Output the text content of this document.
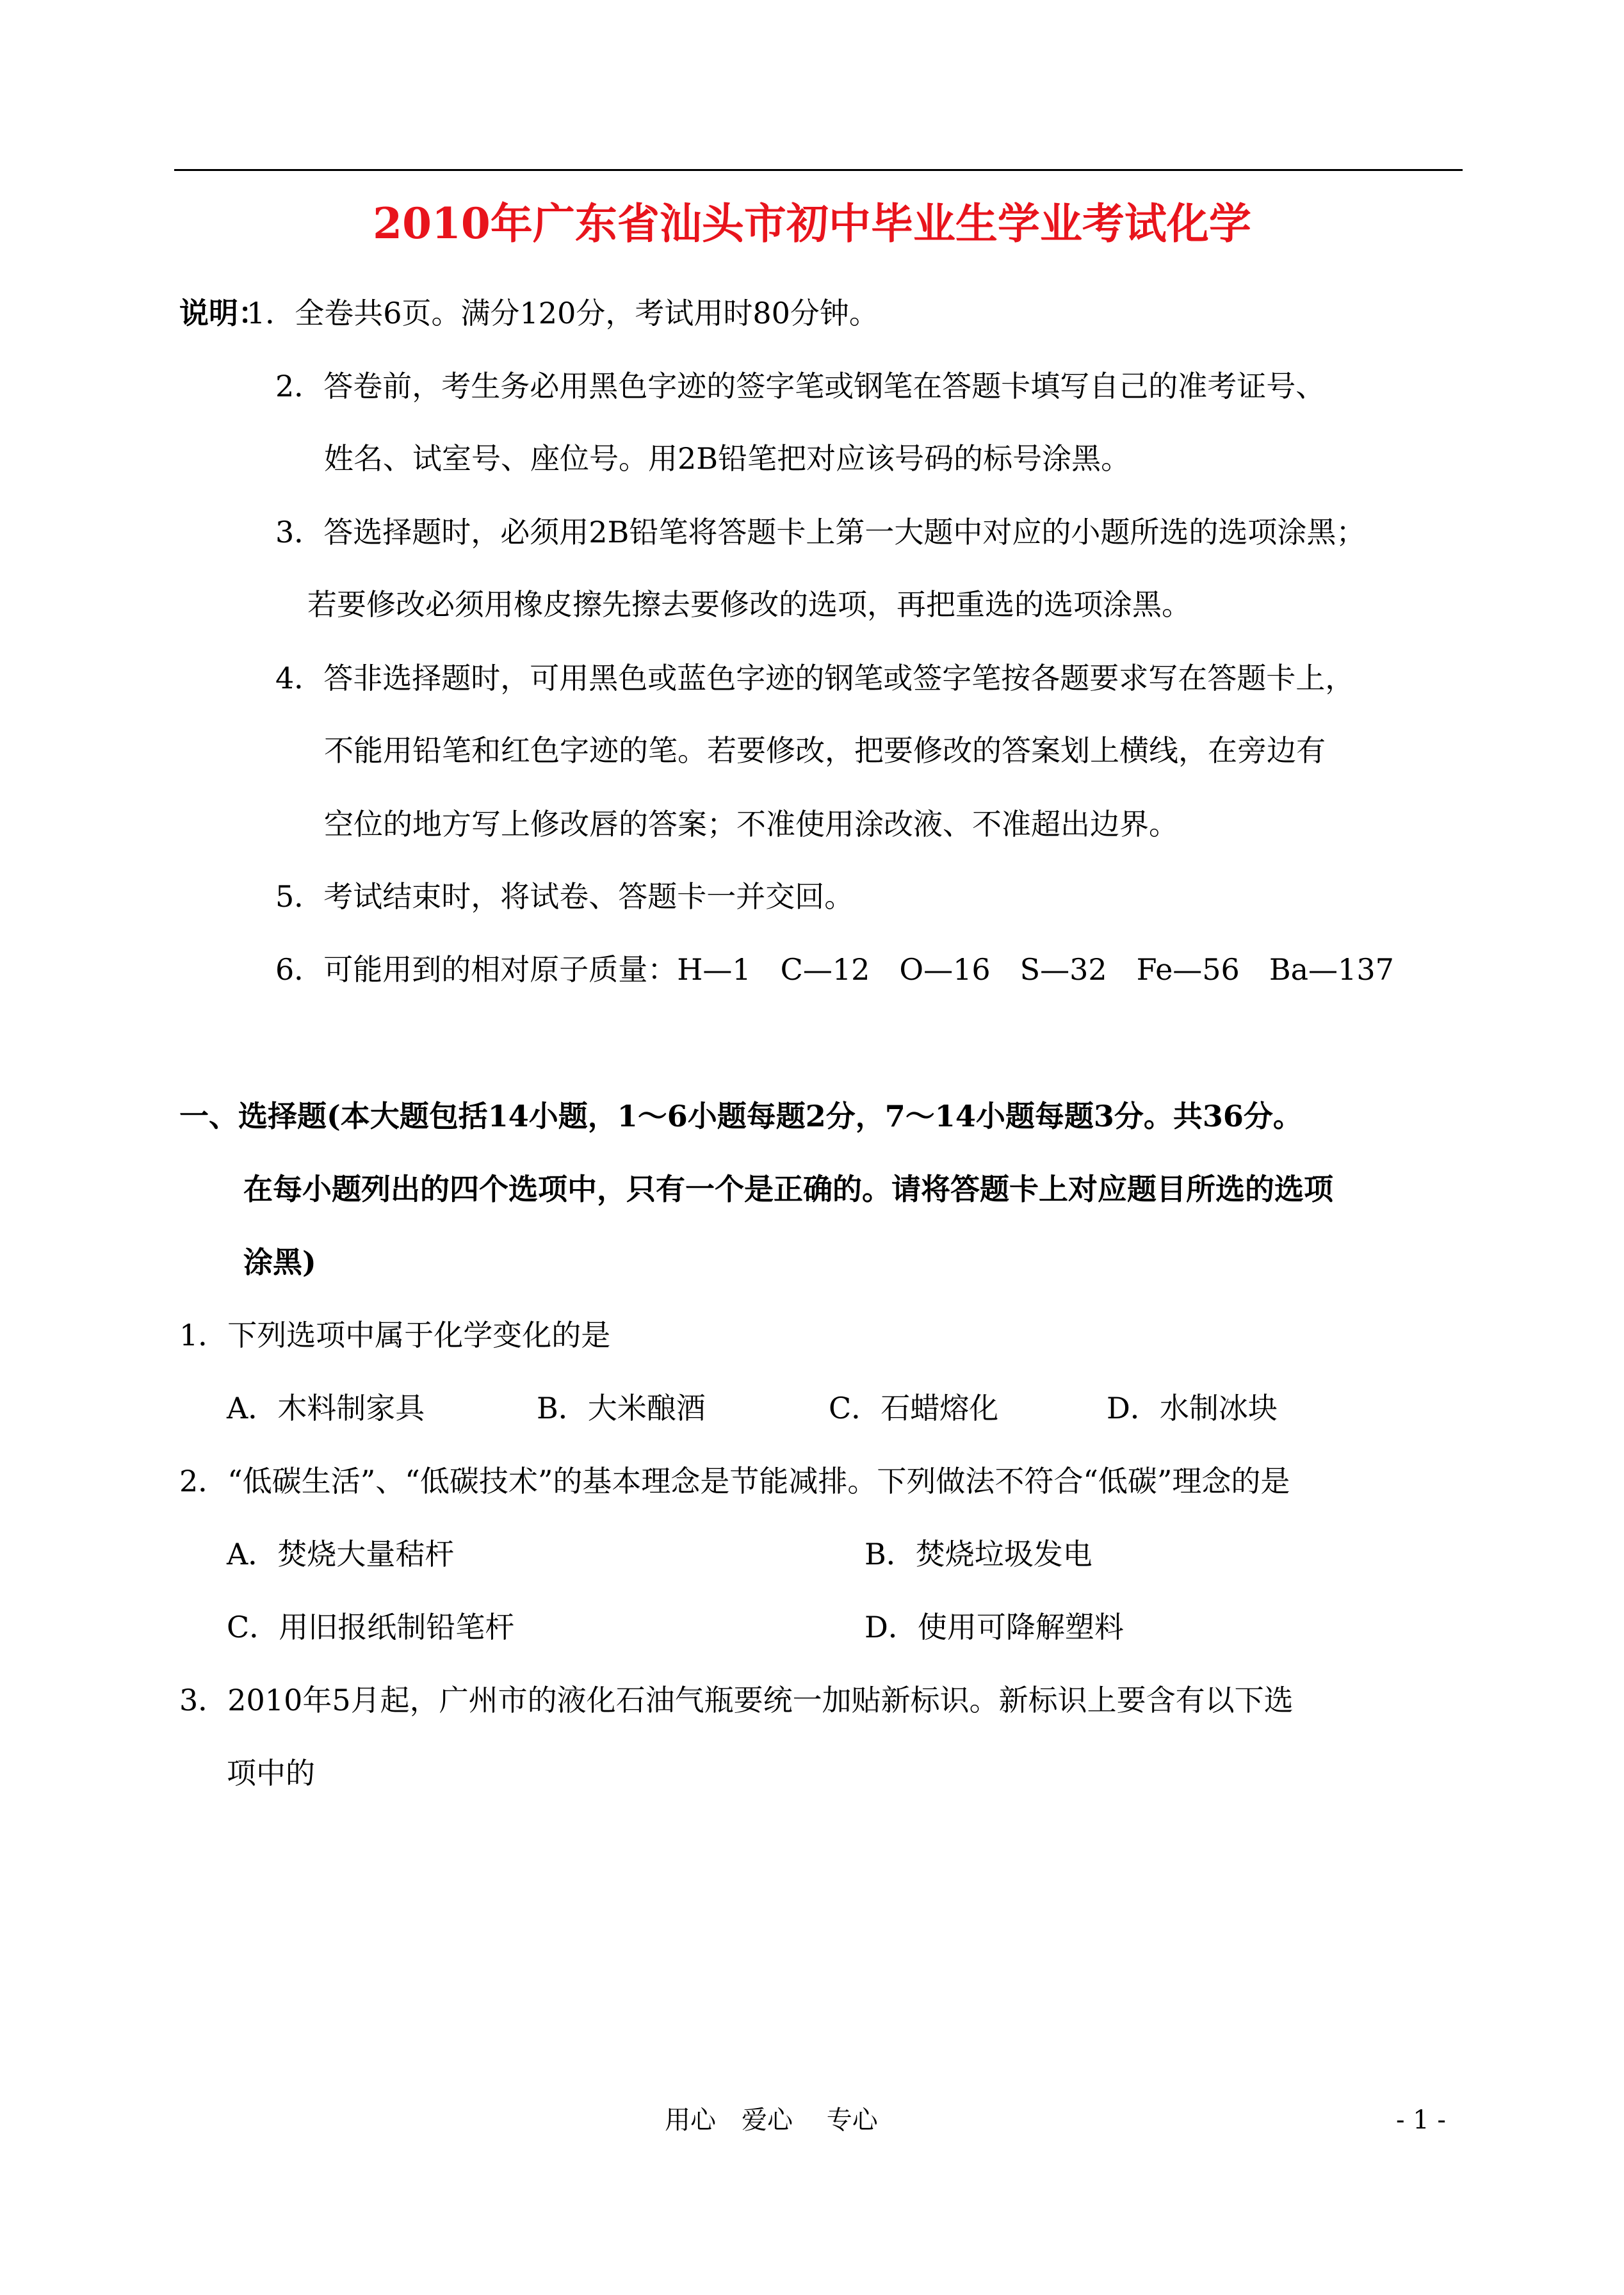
2010年广东省汕头市初中毕业生学业考试化学
说明：
1．全卷共6页。满分120分，考试用时80分钟。
2．答卷前，考生务必用黑色字迹的签字笔或钢笔在答题卡填写自己的准考证号、
姓名、试室号、座位号。用2B铅笔把对应该号码的标号涂黑。
3．答选择题时，必须用2B铅笔将答题卡上第一大题中对应的小题所选的选项涂黑；
若要修改必须用橡皮擦先擦去要修改的选项，再把重选的选项涂黑。
4．答非选择题时，可用黑色或蓝色字迹的钢笔或签字笔按各题要求写在答题卡上，
不能用铅笔和红色字迹的笔。若要修改，把要修改的答案划上横线，在旁边有
空位的地方写上修改唇的答案；不准使用涂改液、不准超出边界。
5．考试结束时，将试卷、答题卡一并交回。
6．可能用到的相对原子质量：H—1　C—12　O—16　S—32　Fe—56　Ba—137
一、选择题(本大题包括14小题，1～6小题每题2分，7～14小题每题3分。共36分。
在每小题列出的四个选项中，只有一个是正确的。请将答题卡上对应题目所选的选项
涂黑)
1．下列选项中属于化学变化的是
A．木料制家具	B．大米酿酒	C．石蜡熔化	D．水制冰块
2．“低碳生活”、“低碳技术”的基本理念是节能减排。下列做法不符合“低碳”理念的是
A．焚烧大量秸杆	B．焚烧垃圾发电
C．用旧报纸制铅笔杆	D．使用可降解塑料
3．2010年5月起，广州市的液化石油气瓶要统一加贴新标识。新标识上要含有以下选
项中的
用心　爱心　 专心	- 1 -
